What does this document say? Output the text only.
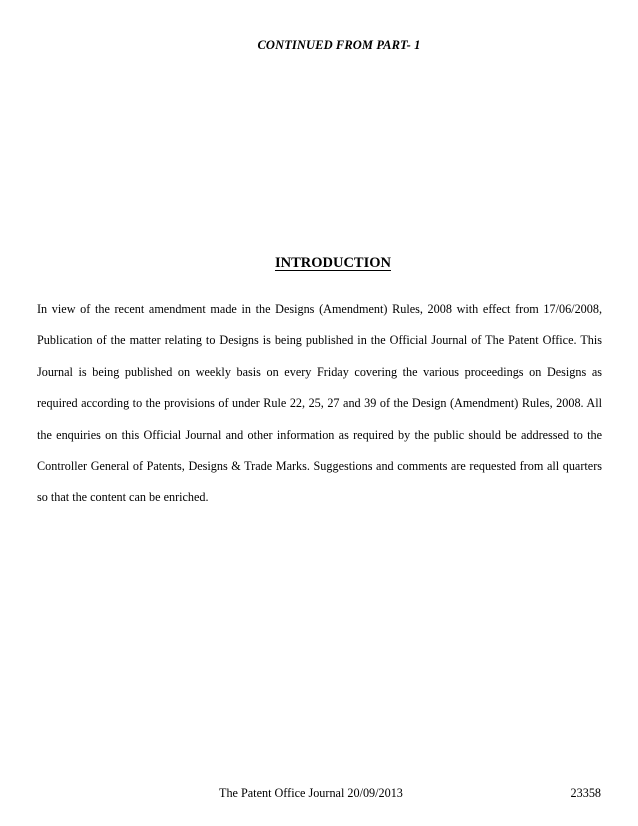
CONTINUED FROM PART- 1
INTRODUCTION

In view of the recent amendment made in the Designs (Amendment) Rules, 2008 with effect from 17/06/2008, Publication of the matter relating to Designs is being published in the Official Journal of The Patent Office. This Journal is being published on weekly basis on every Friday covering the various proceedings on Designs as required according to the provisions of under Rule 22, 25, 27 and 39 of the Design (Amendment) Rules, 2008. All the enquiries on this Official Journal and other information as required by the public should be addressed to the Controller General of Patents, Designs & Trade Marks. Suggestions and comments are requested from all quarters so that the content can be enriched.

The Patent Office Journal 20/09/2013	23358
